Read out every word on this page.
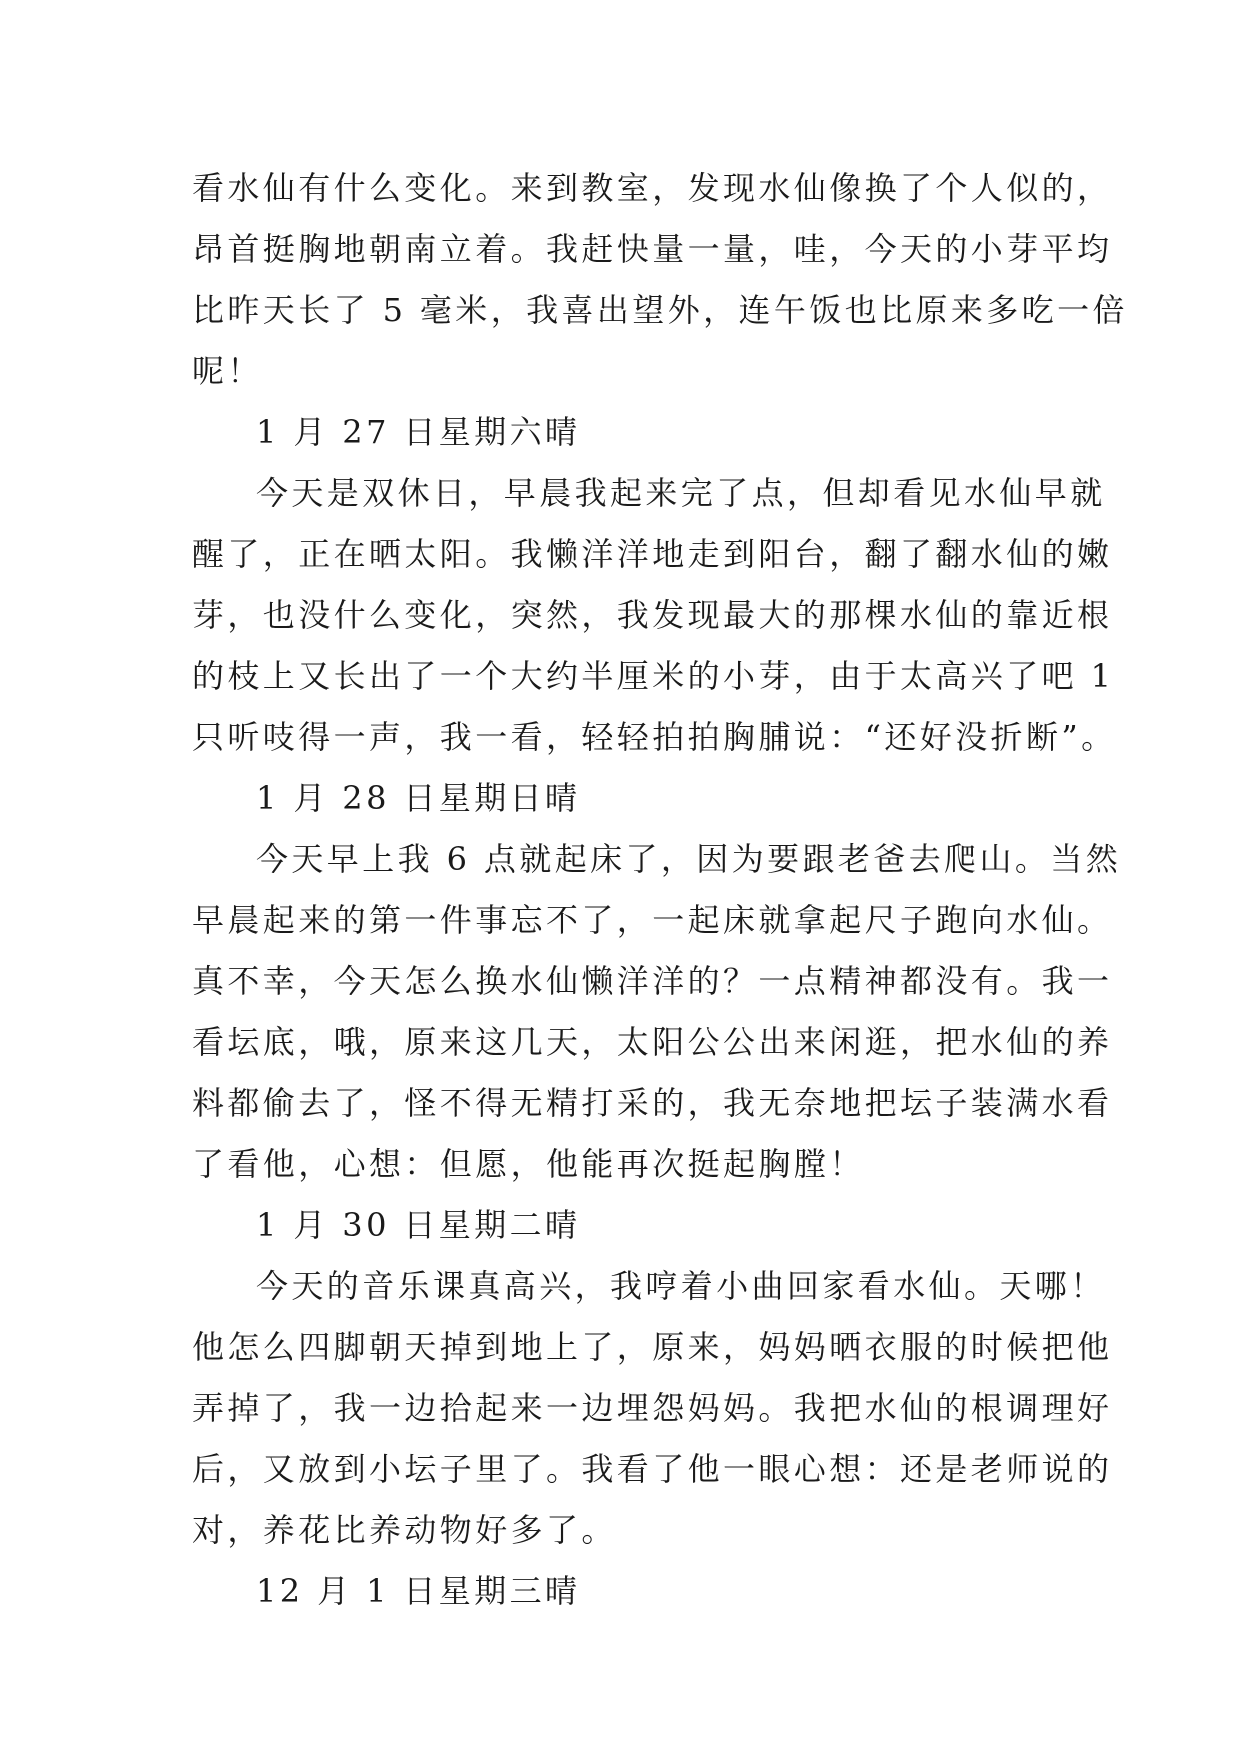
看水仙有什么变化。来到教室，发现水仙像换了个人似的，
昂首挺胸地朝南立着。我赶快量一量，哇，今天的小芽平均
比昨天长了 5 毫米，我喜出望外，连午饭也比原来多吃一倍
呢！
1 月 27 日星期六晴
今天是双休日，早晨我起来完了点，但却看见水仙早就
醒了，正在晒太阳。我懒洋洋地走到阳台，翻了翻水仙的嫩
芽，也没什么变化，突然，我发现最大的那棵水仙的靠近根
的枝上又长出了一个大约半厘米的小芽，由于太高兴了吧 1
只听吱得一声，我一看，轻轻拍拍胸脯说：“还好没折断”。
1 月 28 日星期日晴
今天早上我 6 点就起床了，因为要跟老爸去爬山。当然
早晨起来的第一件事忘不了，一起床就拿起尺子跑向水仙。
真不幸，今天怎么换水仙懒洋洋的？一点精神都没有。我一
看坛底，哦，原来这几天，太阳公公出来闲逛，把水仙的养
料都偷去了，怪不得无精打采的，我无奈地把坛子装满水看
了看他，心想：但愿，他能再次挺起胸膛！
1 月 30 日星期二晴
今天的音乐课真高兴，我哼着小曲回家看水仙。天哪！
他怎么四脚朝天掉到地上了，原来，妈妈晒衣服的时候把他
弄掉了，我一边拾起来一边埋怨妈妈。我把水仙的根调理好
后，又放到小坛子里了。我看了他一眼心想：还是老师说的
对，养花比养动物好多了。
12 月 1 日星期三晴
